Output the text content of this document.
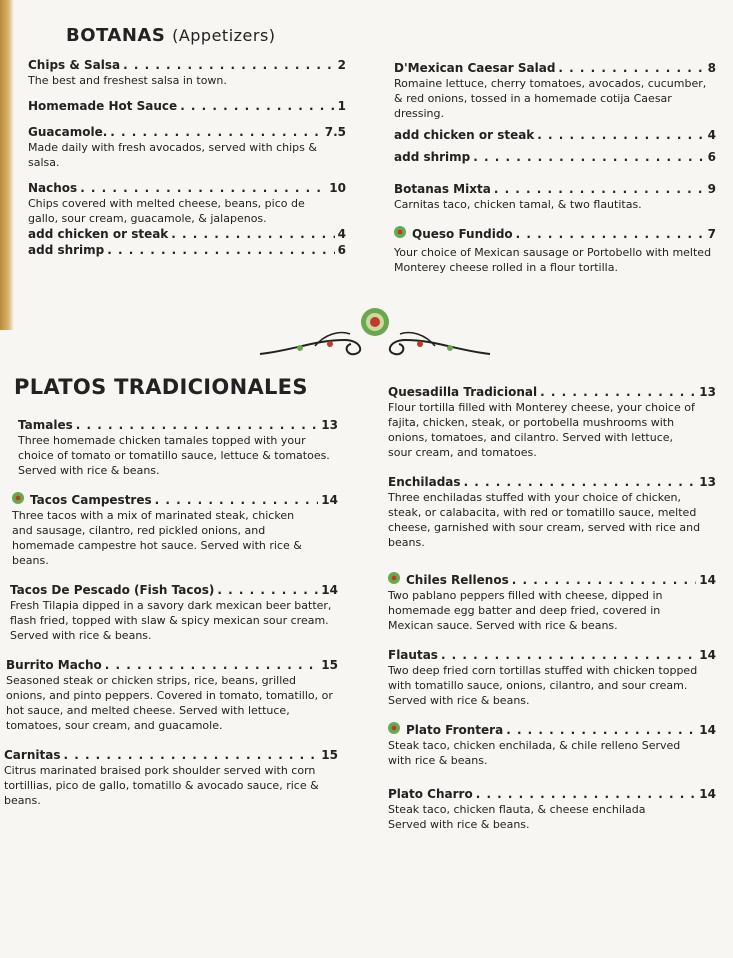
BOTANAS (Appetizers)
Chips & Salsa . . .	2
The best and freshest salsa in town.
Homemade Hot Sauce . . .	1
Guacamole. . . .	7.5
Made daily with fresh avocados, served with chips & salsa.
Nachos . . .	10
Chips covered with melted cheese, beans, pico de gallo, sour cream, guacamole, & jalapenos.
add chicken or steak . . .	4
add shrimp . . .	6
D'Mexican Caesar Salad . . .	8
Romaine lettuce, cherry tomatoes, avocados, cucumber, & red onions, tossed in a homemade cotija Caesar dressing.
add chicken or steak . . .	4
add shrimp . . .	6
Botanas Mixta . . .	9
Carnitas taco, chicken tamal, & two flautitas.
Queso Fundido . . .	7
Your choice of Mexican sausage or Portobello with melted Monterey cheese rolled in a flour tortilla.
PLATOS TRADICIONALES
Tamales . . .	13
Three homemade chicken tamales topped with your choice of tomato or tomatillo sauce, lettuce & tomatoes. Served with rice & beans.
Tacos Campestres . . .	14
Three tacos with a mix of marinated steak, chicken and sausage, cilantro, red pickled onions, and homemade campestre hot sauce. Served with rice & beans.
Tacos De Pescado (Fish Tacos) . . .	14
Fresh Tilapia dipped in a savory dark mexican beer batter, flash fried, topped with slaw & spicy mexican sour cream. Served with rice & beans.
Burrito Macho . . .	15
Seasoned steak or chicken strips, rice, beans, grilled onions, and pinto peppers. Covered in tomato, tomatillo, or hot sauce, and melted cheese. Served with lettuce, tomatoes, sour cream, and guacamole.
Carnitas . . .	15
Citrus marinated braised pork shoulder served with corn tortillias, pico de gallo, tomatillo & avocado sauce, rice & beans.
Quesadilla Tradicional . . .	13
Flour tortilla filled with Monterey cheese, your choice of fajita, chicken, steak, or portobella mushrooms with onions, tomatoes, and cilantro. Served with lettuce, sour cream, and tomatoes.
Enchiladas . . .	13
Three enchiladas stuffed with your choice of chicken, steak, or calabacita, with red or tomatillo sauce, melted cheese, garnished with sour cream, served with rice and beans.
Chiles Rellenos . . .	14
Two pablano peppers filled with cheese, dipped in homemade egg batter and deep fried, covered in Mexican sauce. Served with rice & beans.
Flautas . . .	14
Two deep fried corn tortillas stuffed with chicken topped with tomatillo sauce, onions, cilantro, and sour cream. Served with rice & beans.
Plato Frontera . . .	14
Steak taco, chicken enchilada, & chile relleno Served with rice & beans.
Plato Charro . . .	14
Steak taco, chicken flauta, & cheese enchilada Served with rice & beans.
